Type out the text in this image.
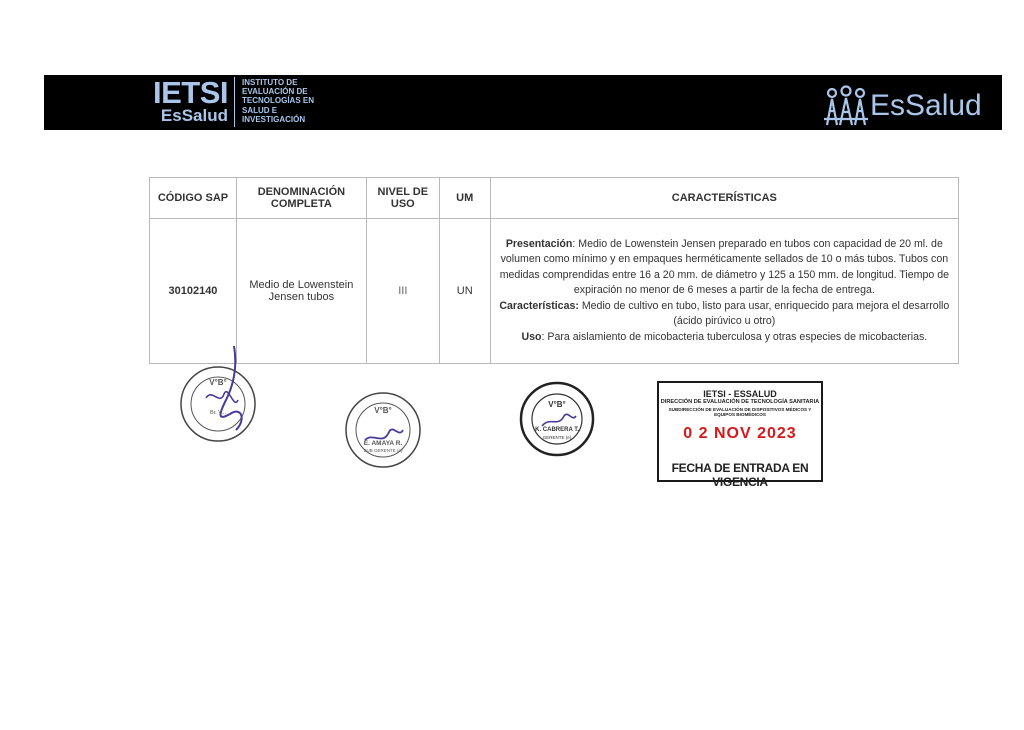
IETSI
EsSalud
INSTITUTO DE
EVALUACIÓN DE
TECNOLOGÍAS EN
SALUD E
INVESTIGACIÓN	EsSalud
CÓDIGO SAP	DENOMINACIÓN COMPLETA	NIVEL DE USO	UM	CARACTERÍSTICAS
30102140	Medio de Lowenstein Jensen tubos	III	UN	Presentación: Medio de Lowenstein Jensen preparado en tubos con capacidad de 20 ml. de volumen como mínimo y en empaques herméticamente sellados de 10 o más tubos. Tubos con medidas comprendidas entre 16 a 20 mm. de diámetro y 125 a 150 mm. de longitud. Tiempo de expiración no menor de 6 meses a partir de la fecha de entrega.
Características: Medio de cultivo en tubo, listo para usar, enriquecido para mejora el desarrollo (ácido pirúvico u otro)
Uso: Para aislamiento de micobacteria tuberculosa y otras especies de micobacterias.
V°B°
Br. V...	V°B°
E. AMAYA R.
SUB GERENTE (e)
V°B°
K. CABRERA T.
GERENTE (e)
IETSI - ESSALUD
DIRECCIÓN DE EVALUACIÓN DE TECNOLOGÍA SANITARIA
SUBDIRECCIÓN DE EVALUACIÓN DE DISPOSITIVOS MÉDICOS Y EQUIPOS BIOMÉDICOS
0 2 NOV 2023
FECHA DE ENTRADA EN VIGENCIA
